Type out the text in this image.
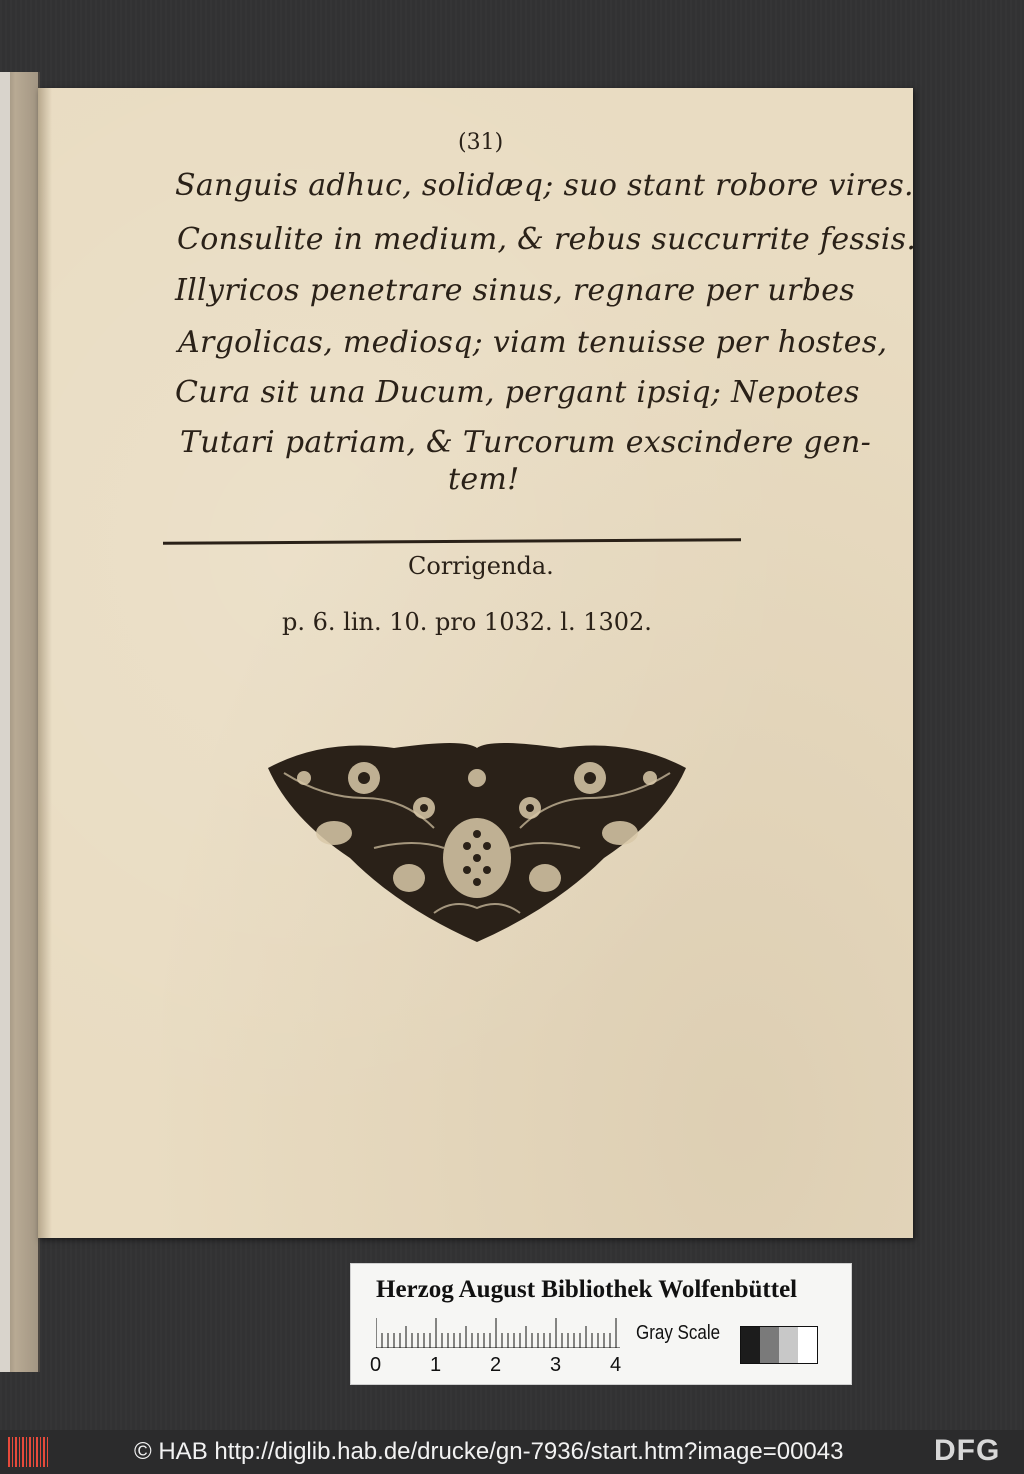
(31)
Sanguis adhuc, solidæq; suo stant robore vires.
Consulite in medium, & rebus succurrite fessis.
Illyricos penetrare sinus, regnare per urbes
Argolicas, mediosq; viam tenuisse per hostes,
Cura sit una Ducum, pergant ipsiq; Nepotes
Tutari patriam, & Turcorum exscindere gen-
tem!
Corrigenda.
p. 6. lin. 10. pro 1032. l. 1302.
Herzog August Bibliothek Wolfenbüttel
0 1 2 3 4
Gray Scale
© HAB http://diglib.hab.de/drucke/gn-7936/start.htm?image=00043	DFG
